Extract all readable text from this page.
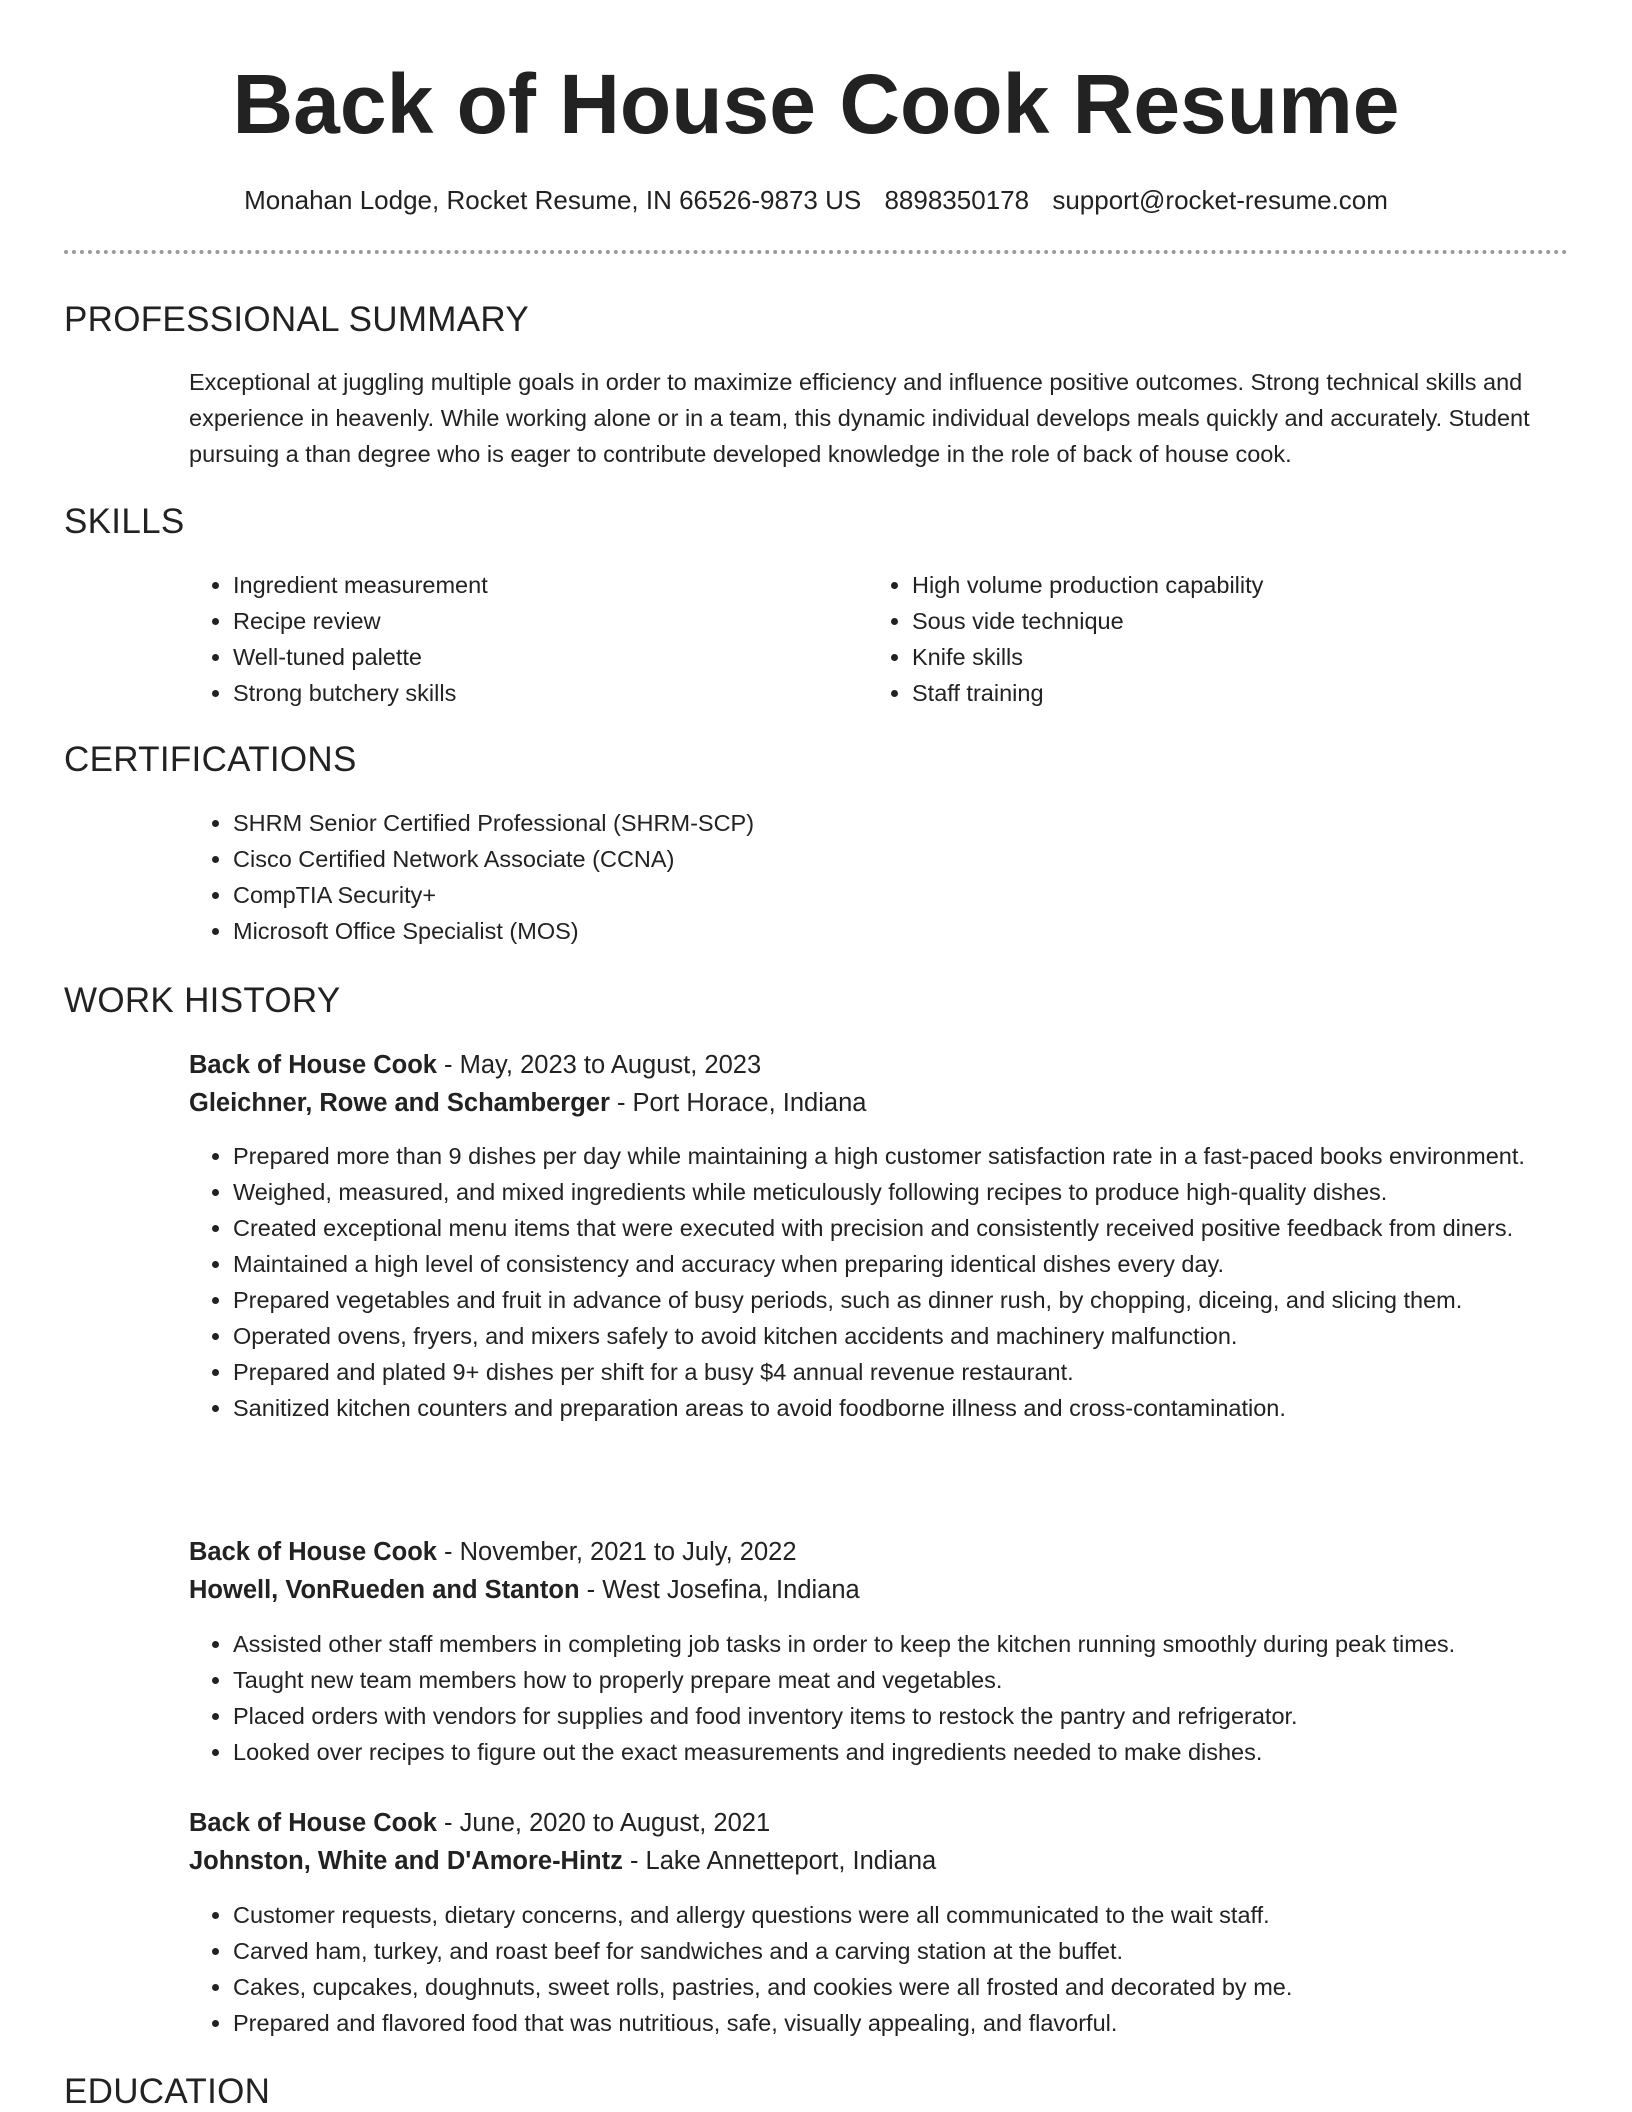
Back of House Cook Resume
Monahan Lodge, Rocket Resume, IN 66526-9873 US 8898350178 support@rocket-resume.com
PROFESSIONAL SUMMARY

Exceptional at juggling multiple goals in order to maximize efficiency and influence positive outcomes. Strong technical skills and experience in heavenly. While working alone or in a team, this dynamic individual develops meals quickly and accurately. Student pursuing a than degree who is eager to contribute developed knowledge in the role of back of house cook.

SKILLS
• Ingredient measurement
• Recipe review
• Well-tuned palette
• Strong butchery skills
• High volume production capability
• Sous vide technique
• Knife skills
• Staff training
CERTIFICATIONS
• SHRM Senior Certified Professional (SHRM-SCP)
• Cisco Certified Network Associate (CCNA)
• CompTIA Security+
• Microsoft Office Specialist (MOS)
WORK HISTORY
Back of House Cook - May, 2023 to August, 2023
Gleichner, Rowe and Schamberger - Port Horace, Indiana
• Prepared more than 9 dishes per day while maintaining a high customer satisfaction rate in a fast-paced books environment.
• Weighed, measured, and mixed ingredients while meticulously following recipes to produce high-quality dishes.
• Created exceptional menu items that were executed with precision and consistently received positive feedback from diners.
• Maintained a high level of consistency and accuracy when preparing identical dishes every day.
• Prepared vegetables and fruit in advance of busy periods, such as dinner rush, by chopping, diceing, and slicing them.
• Operated ovens, fryers, and mixers safely to avoid kitchen accidents and machinery malfunction.
• Prepared and plated 9+ dishes per shift for a busy $4 annual revenue restaurant.
• Sanitized kitchen counters and preparation areas to avoid foodborne illness and cross-contamination.
Back of House Cook - November, 2021 to July, 2022
Howell, VonRueden and Stanton - West Josefina, Indiana
• Assisted other staff members in completing job tasks in order to keep the kitchen running smoothly during peak times.
• Taught new team members how to properly prepare meat and vegetables.
• Placed orders with vendors for supplies and food inventory items to restock the pantry and refrigerator.
• Looked over recipes to figure out the exact measurements and ingredients needed to make dishes.
Back of House Cook - June, 2020 to August, 2021
Johnston, White and D'Amore-Hintz - Lake Annetteport, Indiana
• Customer requests, dietary concerns, and allergy questions were all communicated to the wait staff.
• Carved ham, turkey, and roast beef for sandwiches and a carving station at the buffet.
• Cakes, cupcakes, doughnuts, sweet rolls, pastries, and cookies were all frosted and decorated by me.
• Prepared and flavored food that was nutritious, safe, visually appealing, and flavorful.
EDUCATION
